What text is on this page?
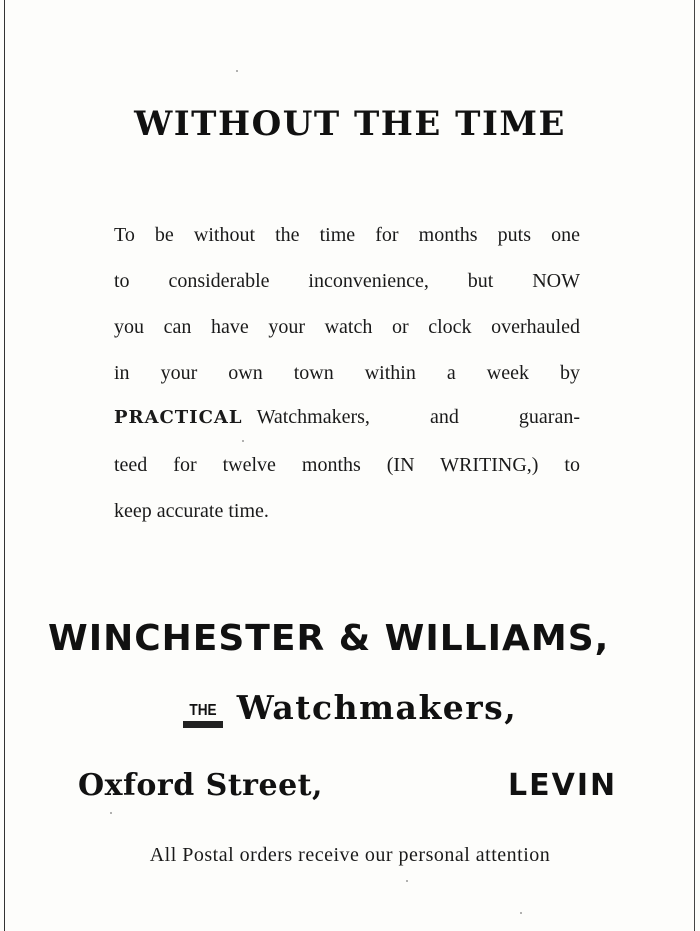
WITHOUT THE TIME
To be without the time for months puts one
to considerable inconvenience, but NOW
you can have your watch or clock overhauled
in your own town within a week by
PRACTICAL Watchmakers, and guaran-
teed for twelve months (IN WRITING,) to
keep accurate time.
WINCHESTER & WILLIAMS,
THE Watchmakers,
Oxford Street,	LEVIN
All Postal orders receive our personal attention
